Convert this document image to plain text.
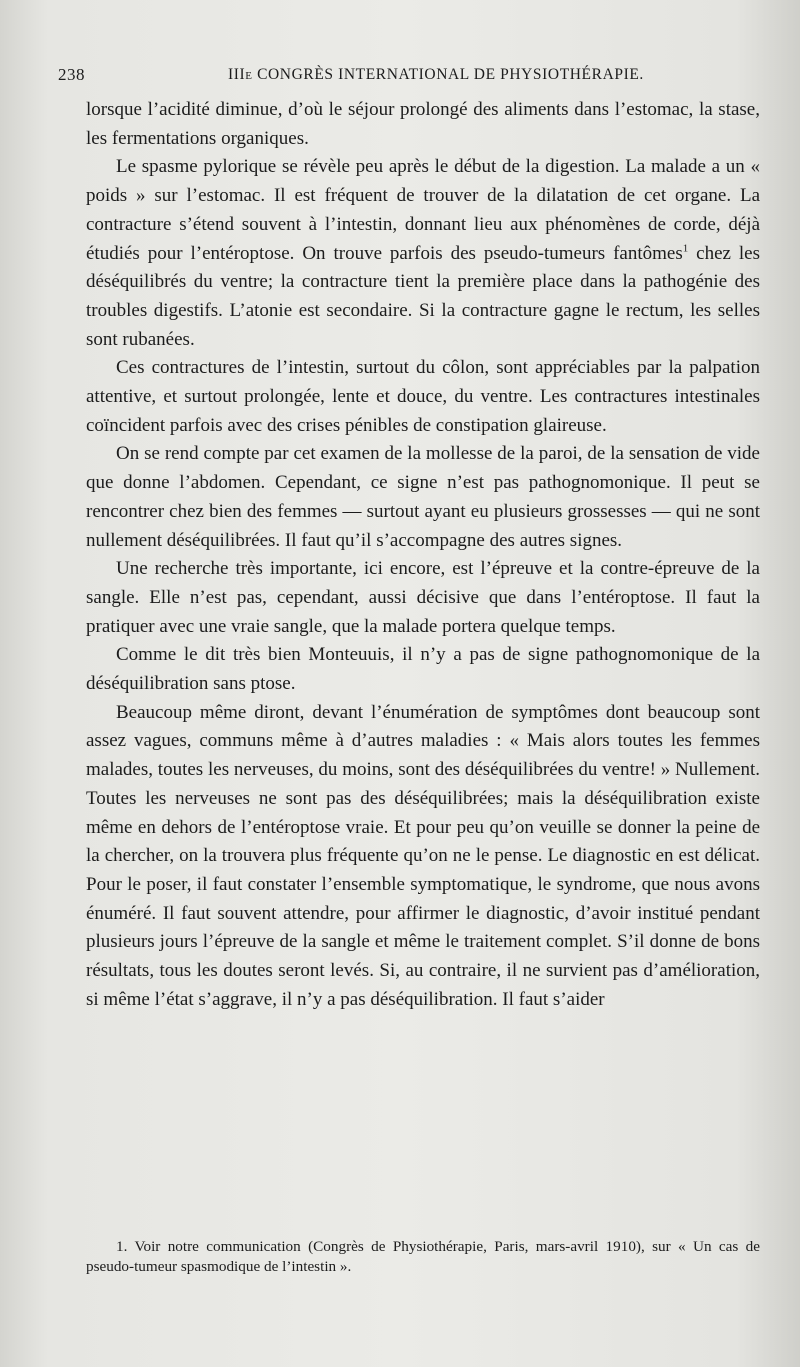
238	IIIe CONGRÈS INTERNATIONAL DE PHYSIOTHÉRAPIE.

lorsque l’acidité diminue, d’où le séjour prolongé des aliments dans l’estomac, la stase, les fermentations organiques.

Le spasme pylorique se révèle peu après le début de la digestion. La malade a un « poids » sur l’estomac. Il est fréquent de trouver de la dilatation de cet organe. La contracture s’étend souvent à l’intestin, donnant lieu aux phénomènes de corde, déjà étudiés pour l’entéroptose. On trouve parfois des pseudo-tumeurs fantômes$^1$ chez les déséquilibrés du ventre; la contracture tient la première place dans la pathogénie des troubles digestifs. L’atonie est secondaire. Si la contracture gagne le rectum, les selles sont rubanées.

Ces contractures de l’intestin, surtout du côlon, sont appréciables par la palpation attentive, et surtout prolongée, lente et douce, du ventre. Les contractures intestinales coïncident parfois avec des crises pénibles de constipation glaireuse.

On se rend compte par cet examen de la mollesse de la paroi, de la sensation de vide que donne l’abdomen. Cependant, ce signe n’est pas pathognomonique. Il peut se rencontrer chez bien des femmes — surtout ayant eu plusieurs grossesses — qui ne sont nullement déséquilibrées. Il faut qu’il s’accompagne des autres signes.

Une recherche très importante, ici encore, est l’épreuve et la contre-épreuve de la sangle. Elle n’est pas, cependant, aussi décisive que dans l’entéroptose. Il faut la pratiquer avec une vraie sangle, que la malade portera quelque temps.

Comme le dit très bien Monteuuis, il n’y a pas de signe pathognomonique de la déséquilibration sans ptose.

Beaucoup même diront, devant l’énumération de symptômes dont beaucoup sont assez vagues, communs même à d’autres maladies : « Mais alors toutes les femmes malades, toutes les nerveuses, du moins, sont des déséquilibrées du ventre! » Nullement. Toutes les nerveuses ne sont pas des déséquilibrées; mais la déséquilibration existe même en dehors de l’entéroptose vraie. Et pour peu qu’on veuille se donner la peine de la chercher, on la trouvera plus fréquente qu’on ne le pense. Le diagnostic en est délicat. Pour le poser, il faut constater l’ensemble symptomatique, le syndrome, que nous avons énuméré. Il faut souvent attendre, pour affirmer le diagnostic, d’avoir institué pendant plusieurs jours l’épreuve de la sangle et même le traitement complet. S’il donne de bons résultats, tous les doutes seront levés. Si, au contraire, il ne survient pas d’amélioration, si même l’état s’aggrave, il n’y a pas déséquilibration. Il faut s’aider

1. Voir notre communication (Congrès de Physiothérapie, Paris, mars-avril 1910), sur « Un cas de pseudo-tumeur spasmodique de l’intestin ».
